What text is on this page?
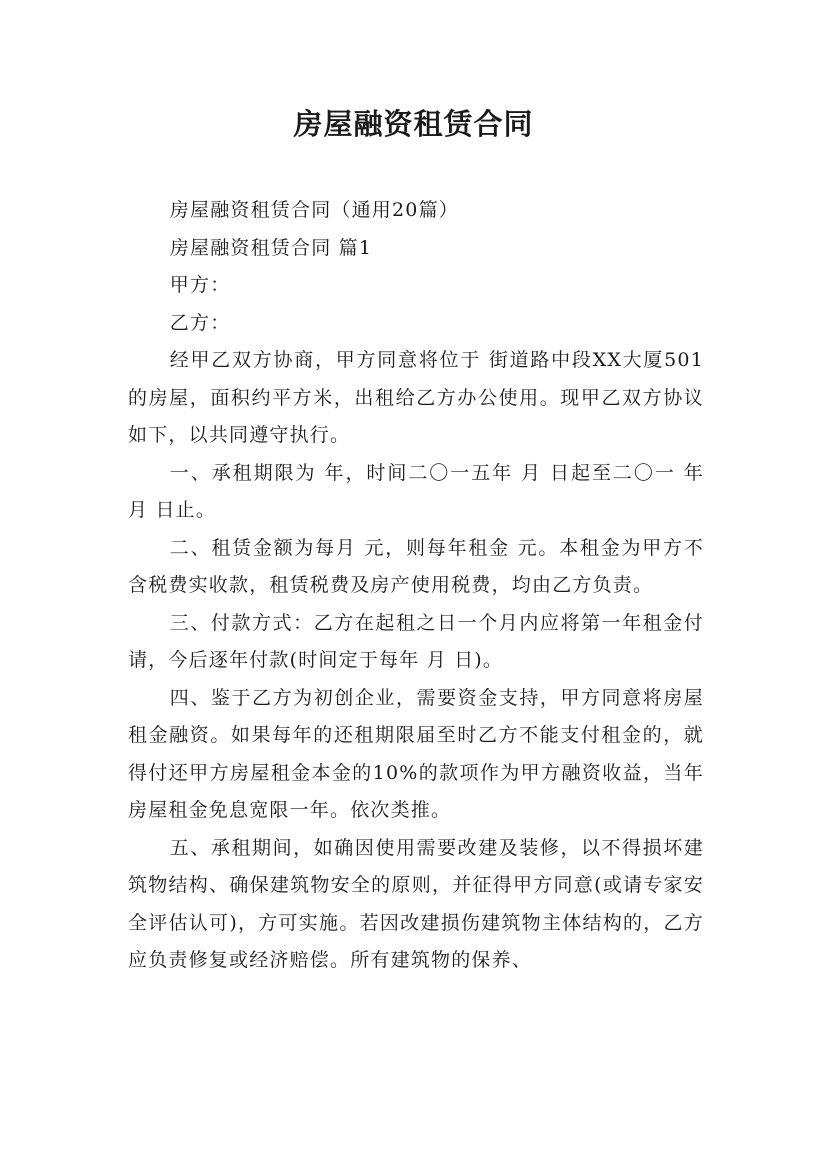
房屋融资租赁合同

房屋融资租赁合同（通用20篇）

房屋融资租赁合同 篇1

甲方：

乙方：

经甲乙双方协商，甲方同意将位于 街道路中段XX大厦501的房屋，面积约平方米，出租给乙方办公使用。现甲乙双方协议如下，以共同遵守执行。

一、承租期限为 年，时间二〇一五年 月 日起至二〇一 年 月 日止。

二、租赁金额为每月 元，则每年租金 元。本租金为甲方不含税费实收款，租赁税费及房产使用税费，均由乙方负责。

三、付款方式：乙方在起租之日一个月内应将第一年租金付请，今后逐年付款(时间定于每年 月 日)。

四、鉴于乙方为初创企业，需要资金支持，甲方同意将房屋租金融资。如果每年的还租期限届至时乙方不能支付租金的，就得付还甲方房屋租金本金的10%的款项作为甲方融资收益，当年房屋租金免息宽限一年。依次类推。

五、承租期间，如确因使用需要改建及装修，以不得损坏建筑物结构、确保建筑物安全的原则，并征得甲方同意(或请专家安全评估认可)，方可实施。若因改建损伤建筑物主体结构的，乙方应负责修复或经济赔偿。所有建筑物的保养、
